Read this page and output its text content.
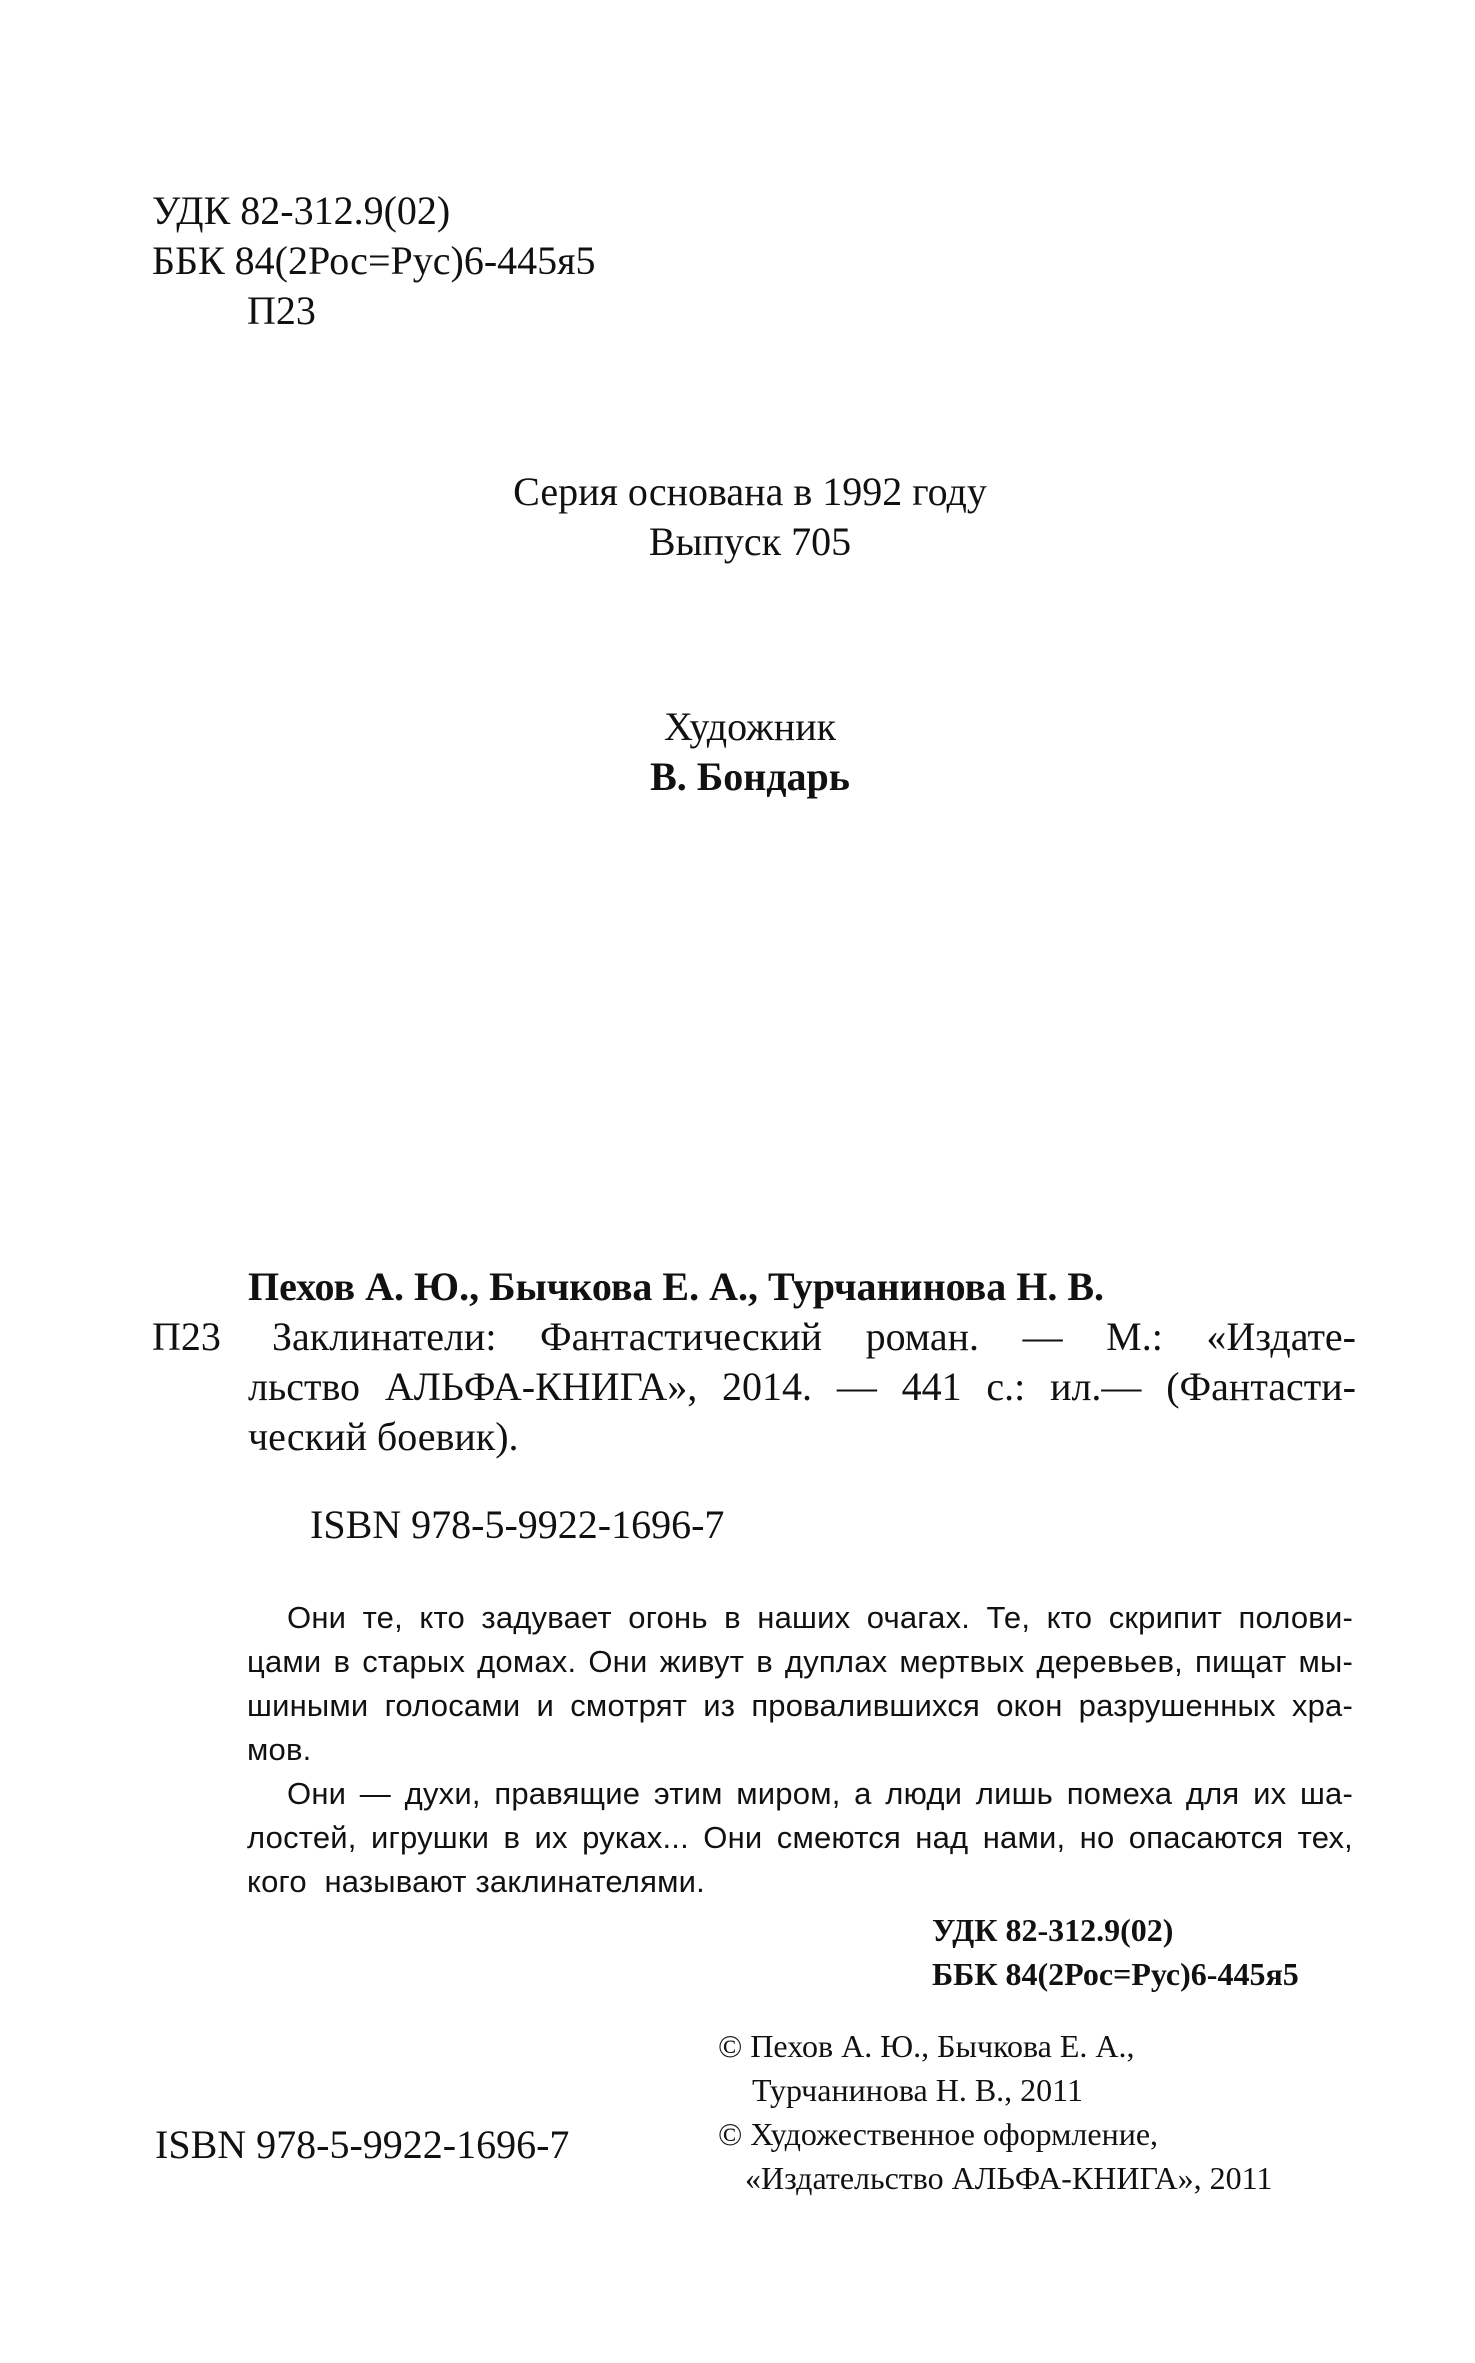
УДК 82-312.9(02)
ББК 84(2Рос=Рус)6-445я5
П23
Серия основана в 1992 году
Выпуск 705
Художник
В. Бондарь
Пехов А. Ю., Бычкова Е. А., Турчанинова Н. В.
П23 Заклинатели: Фантастический роман. — М.: «Издате-
льство АЛЬФА-КНИГА», 2014. — 441 с.: ил.— (Фантасти-
ческий боевик).
ISBN 978-5-9922-1696-7
Они те, кто задувает огонь в наших очагах. Те, кто скрипит полови-
цами в старых домах. Они живут в дуплах мертвых деревьев, пищат мы-
шиными голосами и смотрят из провалившихся окон разрушенных хра-
мов.
Они — духи, правящие этим миром, а люди лишь помеха для их ша-
лостей, игрушки в их руках... Они смеются над нами, но опасаются тех,
кого  называют заклинателями.
УДК 82-312.9(02)
ББК 84(2Рос=Рус)6-445я5
ISBN 978-5-9922-1696-7
© Пехов А. Ю., Бычкова Е. А.,
Турчанинова Н. В., 2011
© Художественное оформление,
«Издательство АЛЬФА-КНИГА», 2011
